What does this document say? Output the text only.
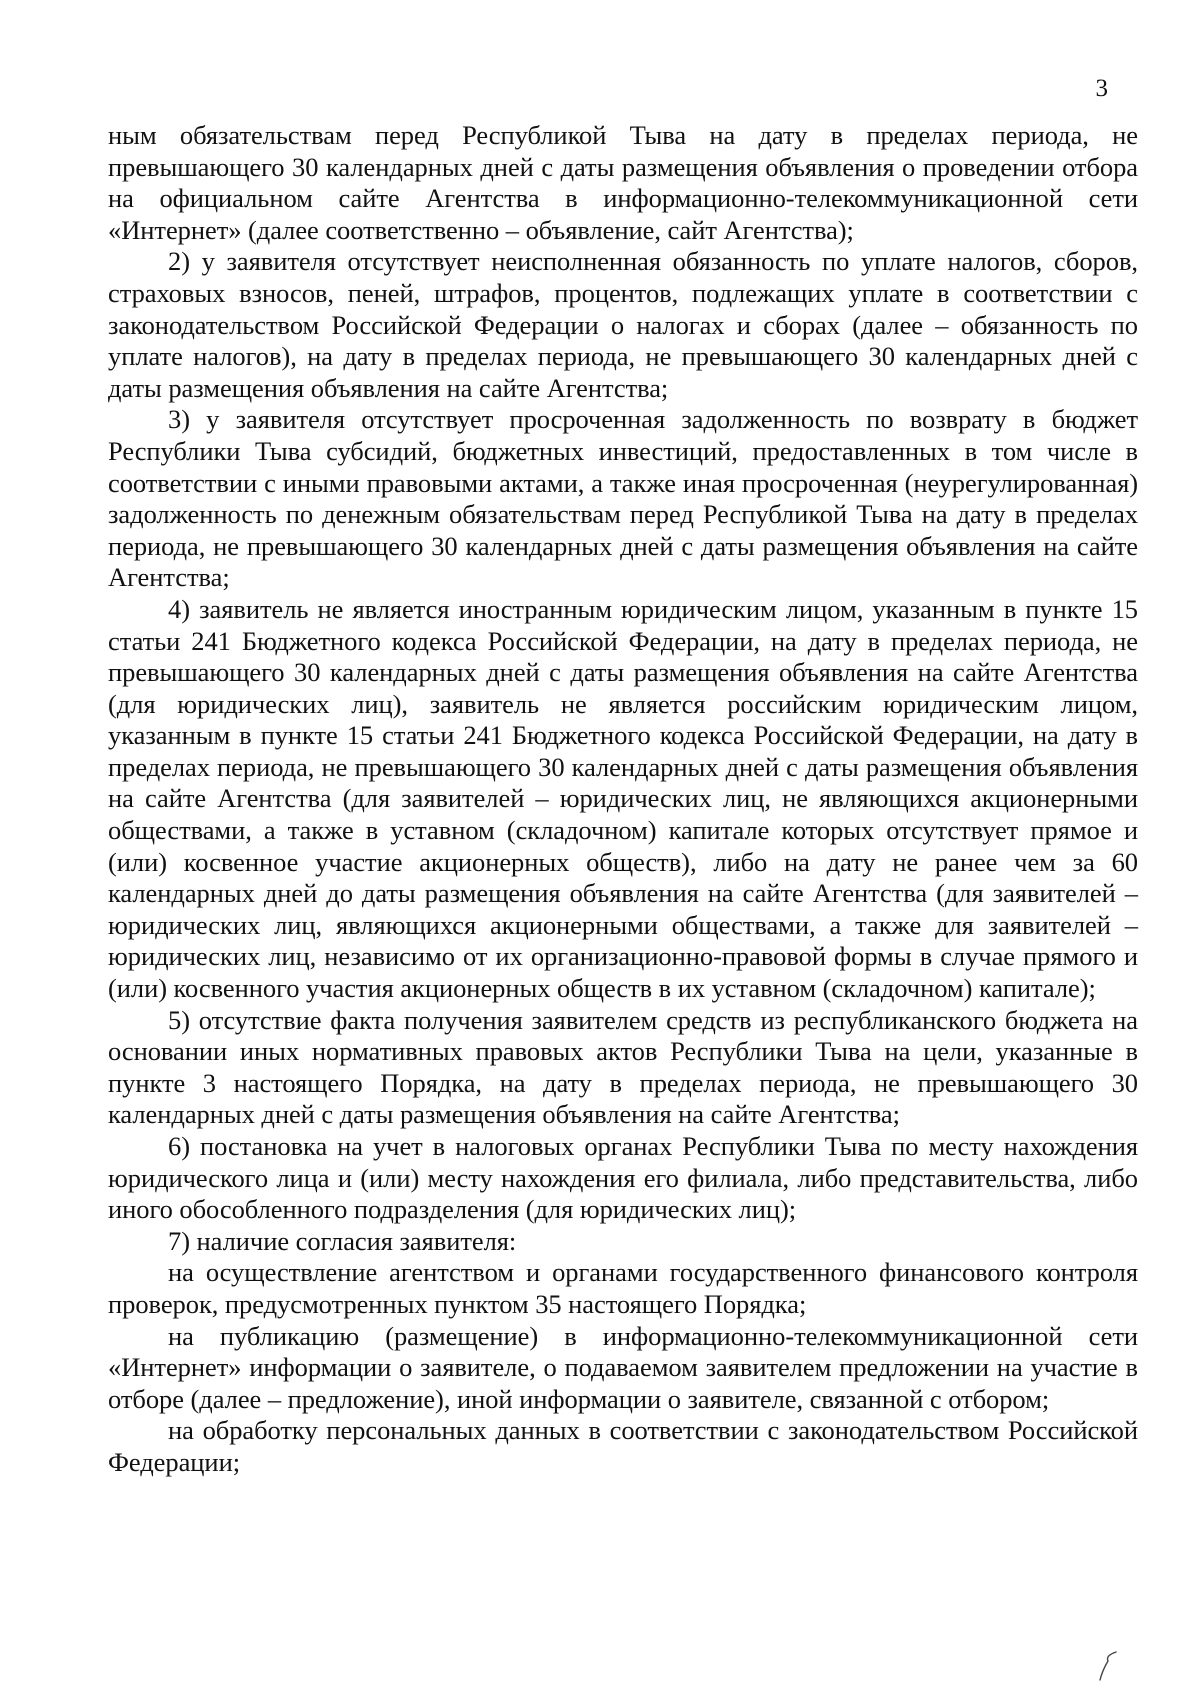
3

ным обязательствам перед Республикой Тыва на дату в пределах периода, не превышающего 30 календарных дней с даты размещения объявления о проведении отбора на официальном сайте Агентства в информационно-телекоммуникационной сети «Интернет» (далее соответственно – объявление, сайт Агентства);

2) у заявителя отсутствует неисполненная обязанность по уплате налогов, сборов, страховых взносов, пеней, штрафов, процентов, подлежащих уплате в соответствии с законодательством Российской Федерации о налогах и сборах (далее – обязанность по уплате налогов), на дату в пределах периода, не превышающего 30 календарных дней с даты размещения объявления на сайте Агентства;

3) у заявителя отсутствует просроченная задолженность по возврату в бюджет Республики Тыва субсидий, бюджетных инвестиций, предоставленных в том числе в соответствии с иными правовыми актами, а также иная просроченная (неурегулированная) задолженность по денежным обязательствам перед Республикой Тыва на дату в пределах периода, не превышающего 30 календарных дней с даты размещения объявления на сайте Агентства;

4) заявитель не является иностранным юридическим лицом, указанным в пункте 15 статьи 241 Бюджетного кодекса Российской Федерации, на дату в пределах периода, не превышающего 30 календарных дней с даты размещения объявления на сайте Агентства (для юридических лиц), заявитель не является российским юридическим лицом, указанным в пункте 15 статьи 241 Бюджетного кодекса Российской Федерации, на дату в пределах периода, не превышающего 30 календарных дней с даты размещения объявления на сайте Агентства (для заявителей – юридических лиц, не являющихся акционерными обществами, а также в уставном (складочном) капитале которых отсутствует прямое и (или) косвенное участие акционерных обществ), либо на дату не ранее чем за 60 календарных дней до даты размещения объявления на сайте Агентства (для заявителей – юридических лиц, являющихся акционерными обществами, а также для заявителей – юридических лиц, независимо от их организационно-правовой формы в случае прямого и (или) косвенного участия акционерных обществ в их уставном (складочном) капитале);

5) отсутствие факта получения заявителем средств из республиканского бюджета на основании иных нормативных правовых актов Республики Тыва на цели, указанные в пункте 3 настоящего Порядка, на дату в пределах периода, не превышающего 30 календарных дней с даты размещения объявления на сайте Агентства;

6) постановка на учет в налоговых органах Республики Тыва по месту нахождения юридического лица и (или) месту нахождения его филиала, либо представительства, либо иного обособленного подразделения (для юридических лиц);

7) наличие согласия заявителя:

на осуществление агентством и органами государственного финансового контроля проверок, предусмотренных пунктом 35 настоящего Порядка;

на публикацию (размещение) в информационно-телекоммуникационной сети «Интернет» информации о заявителе, о подаваемом заявителем предложении на участие в отборе (далее – предложение), иной информации о заявителе, связанной с отбором;

на обработку персональных данных в соответствии с законодательством Российской Федерации;
